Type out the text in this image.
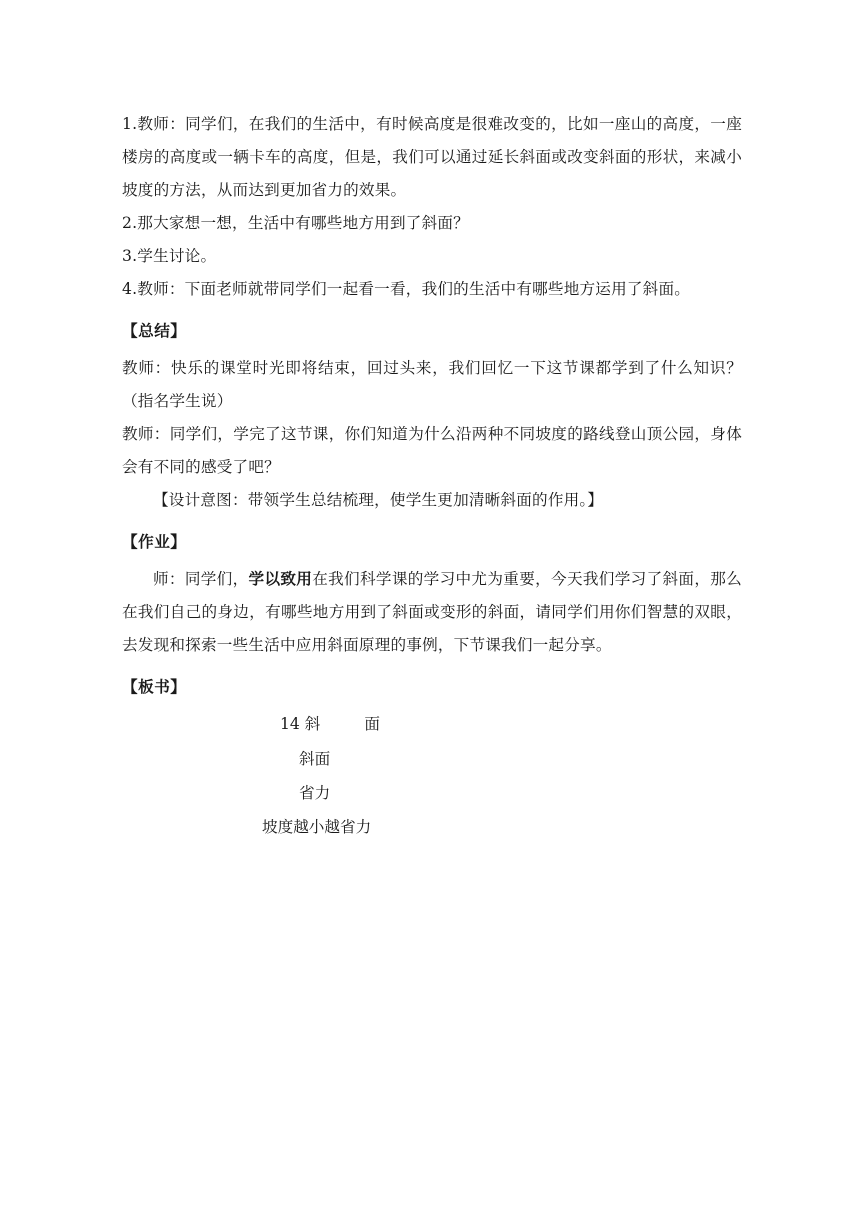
1.教师：同学们，在我们的生活中，有时候高度是很难改变的，比如一座山的高度，一座楼房的高度或一辆卡车的高度，但是，我们可以通过延长斜面或改变斜面的形状，来减小坡度的方法，从而达到更加省力的效果。

2.那大家想一想，生活中有哪些地方用到了斜面？

3.学生讨论。

4.教师：下面老师就带同学们一起看一看，我们的生活中有哪些地方运用了斜面。

【总结】

教师：快乐的课堂时光即将结束，回过头来，我们回忆一下这节课都学到了什么知识？（指名学生说）

教师：同学们，学完了这节课，你们知道为什么沿两种不同坡度的路线登山顶公园，身体会有不同的感受了吧？

【设计意图：带领学生总结梳理，使学生更加清晰斜面的作用。】

【作业】

师：同学们，学以致用在我们科学课的学习中尤为重要，今天我们学习了斜面，那么在我们自己的身边，有哪些地方用到了斜面或变形的斜面，请同学们用你们智慧的双眼，去发现和探索一些生活中应用斜面原理的事例，下节课我们一起分享。

【板书】
14 斜	面
斜面
省力
坡度越小越省力
